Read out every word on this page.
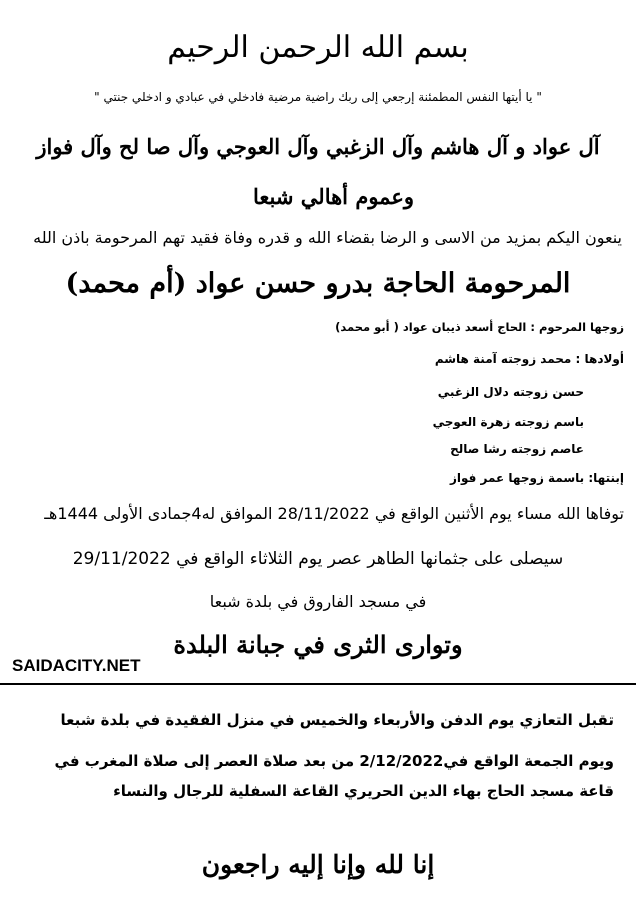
بسم الله الرحمن الرحيم
" يا أيتها النفس المطمئنة إرجعي إلى ربك راضية مرضية فادخلي في عبادي و ادخلي جنتي "
آل عواد و آل هاشم وآل الزغبي وآل العوجي وآل صا لح وآل فواز
وعموم أهالي شبعا
ينعون اليكم بمزيد من الاسى و الرضا بقضاء الله و قدره وفاة فقيد تهم المرحومة باذن الله
المرحومة الحاجة بدرو حسن عواد (أم محمد)
زوجها المرحوم : الحاج أسعد ذيبان عواد ( أبو محمد)
أولادها : محمد زوجته آمنة هاشم
حسن زوجته دلال الزغبي
باسم زوجته زهرة العوجي
عاصم زوجته رشا صالح
إبنتها: باسمة زوجها عمر فواز
توفاها الله مساء يوم الأثنين الواقع في 28/11/2022 الموافق له4جمادى الأولى 1444هـ
سيصلى على جثمانها الطاهر عصر يوم الثلاثاء الواقع في 29/11/2022
في مسجد الفاروق في بلدة شبعا
وتوارى الثرى في جبانة البلدة
SAIDACITY.NET
تقبل التعازي يوم الدفن والأربعاء والخميس في منزل الفقيدة في بلدة شبعا
ويوم الجمعة الواقع في2/12/2022 من بعد صلاة العصر إلى صلاة المغرب في
قاعة مسجد الحاج بهاء الدين الحريري القاعة السفلية للرجال والنساء
إنا لله وإنا إليه راجعون
